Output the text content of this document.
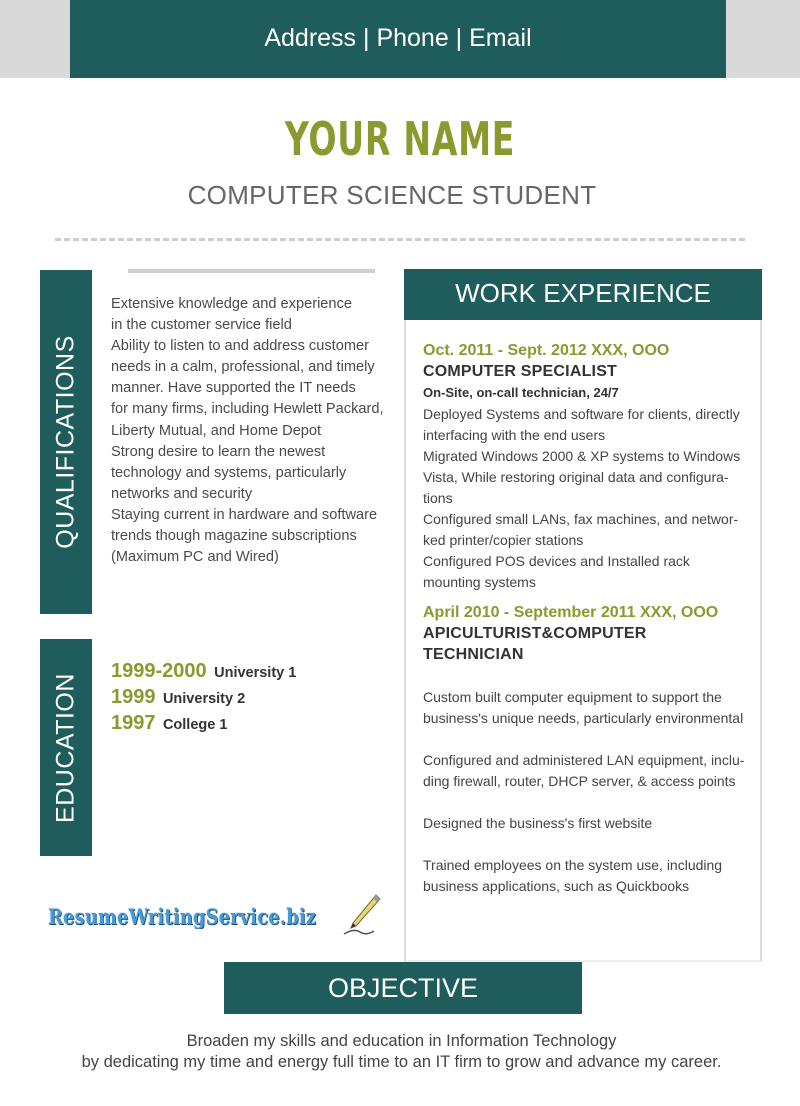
Address | Phone | Email
YOUR NAME
COMPUTER SCIENCE STUDENT
QUALIFICATIONS
Extensive knowledge and experience
in the customer service field
Ability to listen to and address customer
needs in a calm, professional, and timely
manner. Have supported the IT needs
for many firms, including Hewlett Packard,
Liberty Mutual, and Home Depot
Strong desire to learn the newest
technology and systems, particularly
networks and security
Staying current in hardware and software
trends though magazine subscriptions
(Maximum PC and Wired)
EDUCATION
1999-2000 University 1
1999 University 2
1997 College 1
ResumeWritingService.biz
WORK EXPERIENCE
Oct. 2011 - Sept. 2012 XXX, OOO
COMPUTER SPECIALIST
On-Site, on-call technician, 24/7
Deployed Systems and software for clients, directly
interfacing with the end users
Migrated Windows 2000 & XP systems to Windows
Vista, While restoring original data and configura-
tions
Configured small LANs, fax machines, and networ-
ked printer/copier stations
Configured POS devices and Installed rack
mounting systems
April 2010 - September 2011 XXX, OOO
APICULTURIST&COMPUTER
TECHNICIAN
Custom built computer equipment to support the
business's unique needs, particularly environmental
Configured and administered LAN equipment, inclu-
ding firewall, router, DHCP server, & access points
Designed the business's first website
Trained employees on the system use, including
business applications, such as Quickbooks
OBJECTIVE
Broaden my skills and education in Information Technology
by dedicating my time and energy full time to an IT firm to grow and advance my career.
